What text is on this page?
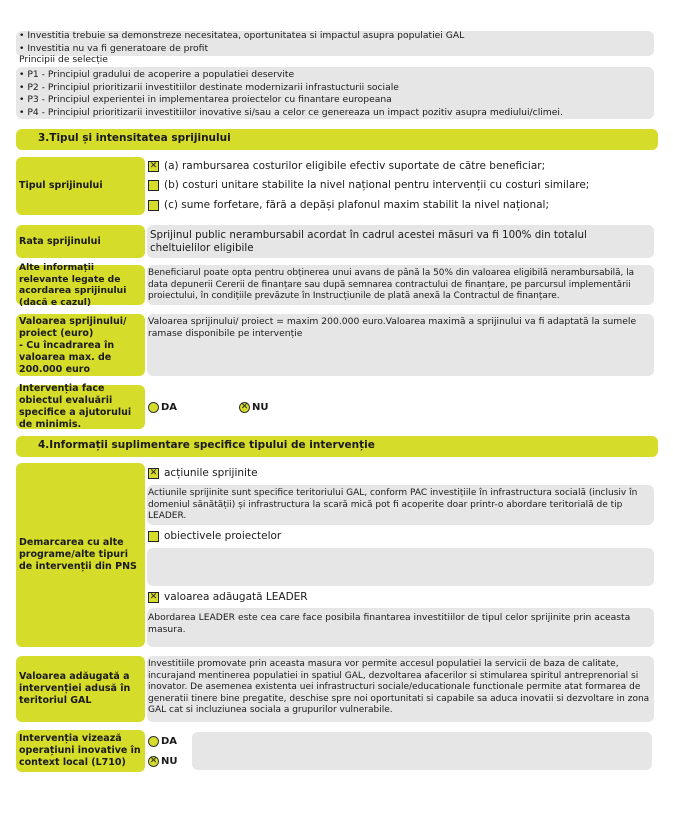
• Investitia trebuie sa demonstreze necesitatea, oportunitatea si impactul asupra populatiei GAL
• Investitia nu va fi generatoare de profit
Principii de selecție
• P1 - Principiul gradului de acoperire a populatiei deservite
• P2 - Principiul prioritizarii investitiilor destinate modernizarii infrastucturii sociale
• P3 - Principiul experientei in implementarea proiectelor cu finantare europeana
• P4 - Principiul prioritizarii investitiilor inovative si/sau a celor ce genereaza un impact pozitiv asupra mediului/climei.
3.Tipul și intensitatea sprijinului
Tipul sprijinului
✕ (a) rambursarea costurilor eligibile efectiv suportate de către beneficiar;
(b) costuri unitare stabilite la nivel național pentru intervenții cu costuri similare;
(c) sume forfetare, fără a depăși plafonul maxim stabilit la nivel național;
Rata sprijinului	Sprijinul public nerambursabil acordat în cadrul acestei măsuri va fi 100% din totalul cheltuielilor eligibile
Alte informații relevante legate de acordarea sprijinului (dacă e cazul)
Beneficiarul poate opta pentru obținerea unui avans de până la 50% din valoarea eligibilă nerambursabilă, la data depunerii Cererii de finanțare sau după semnarea contractului de finanțare, pe parcursul implementării proiectului, în condițiile prevăzute în Instrucțiunile de plată anexă la Contractul de finanțare.
Valoarea sprijinului/ proiect (euro)
- Cu încadrarea în valoarea max. de 200.000 euro
Valoarea sprijinului/ proiect = maxim 200.000 euro.Valoarea maximă a sprijinului va fi adaptată la sumele ramase disponibile pe intervenție
Intervenția face obiectul evaluării specifice a ajutorului de minimis.
DA	✕ NU
4.Informații suplimentare specifice tipului de intervenție
Demarcarea cu alte programe/alte tipuri de intervenții din PNS
✕ acțiunile sprijinite
Actiunile sprijinite sunt specifice teritoriului GAL, conform PAC investițiile în infrastructura socială (inclusiv în domeniul sănătății) și infrastructura la scară mică pot fi acoperite doar printr-o abordare teritorială de tip LEADER.
obiectivele proiectelor
✕ valoarea adăugată LEADER
Abordarea LEADER este cea care face posibila finantarea investitiilor de tipul celor sprijinite prin aceasta masura.
Valoarea adăugată a intervenției adusă în teritoriul GAL
Investitiile promovate prin aceasta masura vor permite accesul populatiei la servicii de baza de calitate, incurajand mentinerea populatiei in spatiul GAL, dezvoltarea afacerilor si stimularea spiritul antreprenorial si inovator. De asemenea existenta uei infrastructuri sociale/educationale functionale permite atat formarea de generatii tinere bine pregatite, deschise spre noi oportunitati si capabile sa aduca inovatii si dezvoltare in zona GAL cat si incluziunea sociala a grupurilor vulnerabile.
Intervenția vizează operațiuni inovative în context local (L710)
DA
✕ NU
